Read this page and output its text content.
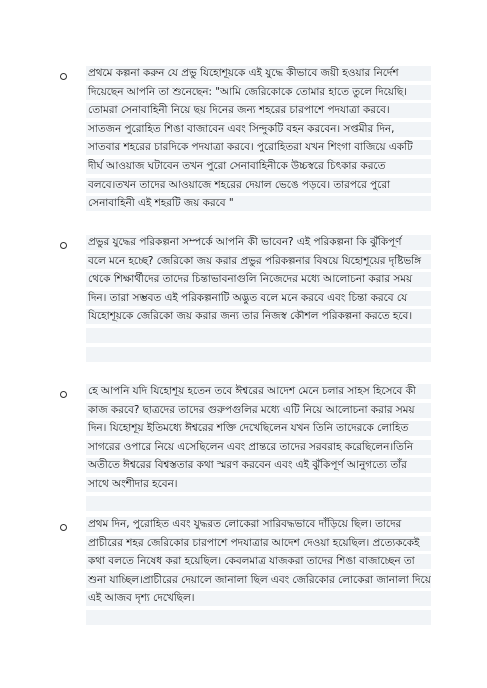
প্রথমে কল্পনা করুন যে প্রভু যিহোশূয়কে এই যুদ্ধে কীভাবে জয়ী হওয়ার নির্দেশ
দিয়েছেন আপনি তা শুনেছেন: "আমি জেরিকোকে তোমার হাতে তুলে দিয়েছি।
তোমরা সেনাবাহিনী নিয়ে ছয় দিনের জন্য শহরের চারপাশে পদযাত্রা করবে।
সাতজন পুরোহিত শিঙা বাজাবেন এবং সিন্দুকটি বহন করবেন। সপ্তমীর দিন,
সাতবার শহরের চারদিকে পদযাত্রা করবে। পুরোহিতরা যখন শিংগা বাজিয়ে একটি
দীর্ঘ আওয়াজ ঘটাবেন তখন পুরো সেনাবাহিনীকে উচ্চস্বরে চিৎকার করতে
বলবে।তখন তাদের আওয়াজে শহরের দেয়াল ভেঙে পড়বে। তারপরে পুরো
সেনাবাহিনী এই শহরটি জয় করবে "
প্রভুর যুদ্ধের পরিকল্পনা সম্পর্কে আপনি কী ভাবেন? এই পরিকল্পনা কি ঝুঁকিপূর্ণ
বলে মনে হচ্ছে? জেরিকো জয় করার প্রভুর পরিকল্পনার বিষয়ে যিহোশূয়ের দৃষ্টিভঙ্গি
থেকে শিক্ষার্থীদের তাদের চিন্তাভাবনাগুলি নিজেদের মধ্যে আলোচনা করার সময়
দিন। তারা সম্ভবত এই পরিকল্পনাটি অদ্ভুত বলে মনে করবে এবং চিন্তা করবে যে
যিহোশূয়কে জেরিকো জয় করার জন্য তার নিজস্ব কৌশল পরিকল্পনা করতে হবে।
হে আপনি যদি যিহোশূয় হতেন তবে ঈশ্বরের আদেশ মেনে চলার সাহস হিসেবে কী
কাজ করবে? ছাত্রদের তাদের গুরুপগুলির মধ্যে এটি নিয়ে আলোচনা করার সময়
দিন। যিহোশূয় ইতিমধ্যে ঈশ্বরের শক্তি দেখেছিলেন যখন তিনি তাদেরকে লোহিত
সাগরের ওপারে নিয়ে এসেছিলেন এবং প্রান্তরে তাদের সরবরাহ করেছিলেন।তিনি
অতীতে ঈশ্বরের বিশ্বস্ততার কথা স্মরণ করবেন এবং এই ঝুঁকিপূর্ণ আনুগত্যে তাঁর
সাথে অংশীদার হবেন।
প্রথম দিন, পুরোহিত এবং যুদ্ধরত লোকেরা সারিবদ্ধভাবে দাঁড়িয়ে ছিল। তাদের
প্রাচীরের শহর জেরিকোর চারপাশে পদযাত্রার আদেশ দেওয়া হয়েছিল। প্রত্যেককেই
কথা বলতে নিষেধ করা হয়েছিল। কেবলমাত্র যাজকরা তাদের শিঙা বাজাচ্ছেন তা
শুনা যাচ্ছিল।প্রাচীরের দেয়ালে জানালা ছিল এবং জেরিকোর লোকেরা জানালা দিয়ে
এই আজব দৃশ্য দেখেছিল।
